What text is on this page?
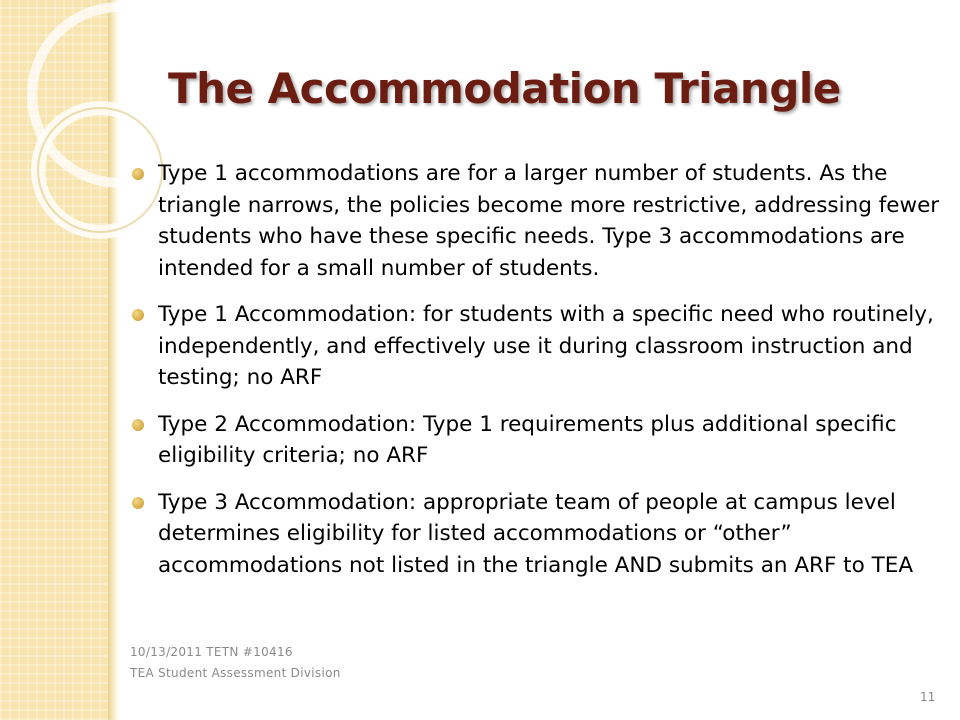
The Accommodation Triangle
Type 1 accommodations are for a larger number of students. As the triangle narrows, the policies become more restrictive, addressing fewer students who have these specific needs. Type 3 accommodations are intended for a small number of students.
Type 1 Accommodation: for students with a specific need who routinely, independently, and effectively use it during classroom instruction and testing; no ARF
Type 2 Accommodation: Type 1 requirements plus additional specific eligibility criteria; no ARF
Type 3 Accommodation: appropriate team of people at campus level determines eligibility for listed accommodations or “other” accommodations not listed in the triangle AND submits an ARF to TEA
10/13/2011 TETN #10416
TEA Student Assessment Division
11
